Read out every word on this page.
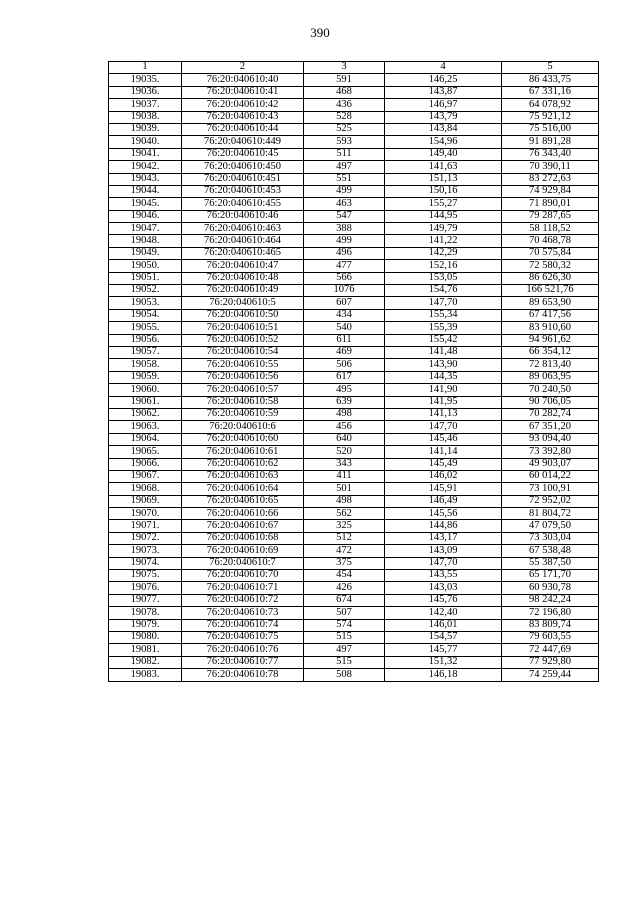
390
1	2	3	4	5
19035.	76:20:040610:40	591	146,25	86 433,75
19036.	76:20:040610:41	468	143,87	67 331,16
19037.	76:20:040610:42	436	146,97	64 078,92
19038.	76:20:040610:43	528	143,79	75 921,12
19039.	76:20:040610:44	525	143,84	75 516,00
19040.	76:20:040610:449	593	154,96	91 891,28
19041.	76:20:040610:45	511	149,40	76 343,40
19042.	76:20:040610:450	497	141,63	70 390,11
19043.	76:20:040610:451	551	151,13	83 272,63
19044.	76:20:040610:453	499	150,16	74 929,84
19045.	76:20:040610:455	463	155,27	71 890,01
19046.	76:20:040610:46	547	144,95	79 287,65
19047.	76:20:040610:463	388	149,79	58 118,52
19048.	76:20:040610:464	499	141,22	70 468,78
19049.	76:20:040610:465	496	142,29	70 575,84
19050.	76:20:040610:47	477	152,16	72 580,32
19051.	76:20:040610:48	566	153,05	86 626,30
19052.	76:20:040610:49	1076	154,76	166 521,76
19053.	76:20:040610:5	607	147,70	89 653,90
19054.	76:20:040610:50	434	155,34	67 417,56
19055.	76:20:040610:51	540	155,39	83 910,60
19056.	76:20:040610:52	611	155,42	94 961,62
19057.	76:20:040610:54	469	141,48	66 354,12
19058.	76:20:040610:55	506	143,90	72 813,40
19059.	76:20:040610:56	617	144,35	89 063,95
19060.	76:20:040610:57	495	141,90	70 240,50
19061.	76:20:040610:58	639	141,95	90 706,05
19062.	76:20:040610:59	498	141,13	70 282,74
19063.	76:20:040610:6	456	147,70	67 351,20
19064.	76:20:040610:60	640	145,46	93 094,40
19065.	76:20:040610:61	520	141,14	73 392,80
19066.	76:20:040610:62	343	145,49	49 903,07
19067.	76:20:040610:63	411	146,02	60 014,22
19068.	76:20:040610:64	501	145,91	73 100,91
19069.	76:20:040610:65	498	146,49	72 952,02
19070.	76:20:040610:66	562	145,56	81 804,72
19071.	76:20:040610:67	325	144,86	47 079,50
19072.	76:20:040610:68	512	143,17	73 303,04
19073.	76:20:040610:69	472	143,09	67 538,48
19074.	76:20:040610:7	375	147,70	55 387,50
19075.	76:20:040610:70	454	143,55	65 171,70
19076.	76:20:040610:71	426	143,03	60 930,78
19077.	76:20:040610:72	674	145,76	98 242,24
19078.	76:20:040610:73	507	142,40	72 196,80
19079.	76:20:040610:74	574	146,01	83 809,74
19080.	76:20:040610:75	515	154,57	79 603,55
19081.	76:20:040610:76	497	145,77	72 447,69
19082.	76:20:040610:77	515	151,32	77 929,80
19083.	76:20:040610:78	508	146,18	74 259,44
